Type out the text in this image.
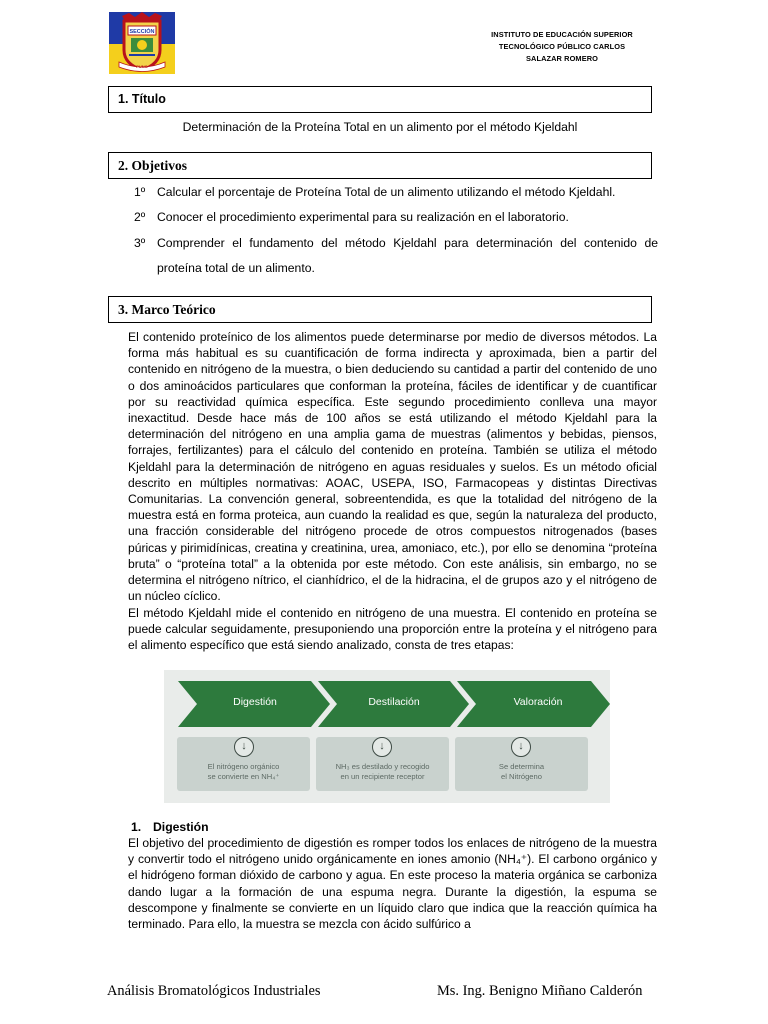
SECCIÓN
PUNO
INSTITUTO DE EDUCACIÓN SUPERIOR
TECNOLÓGICO PÚBLICO CARLOS
SALAZAR ROMERO
1. Título
Determinación de la Proteína Total en un alimento por el método Kjeldahl
2. Objetivos
1º Calcular el porcentaje de Proteína Total de un alimento utilizando el método Kjeldahl.
2º Conocer el procedimiento experimental para su realización en el laboratorio.
3º Comprender el fundamento del método Kjeldahl para determinación del contenido de
proteína total de un alimento.
3. Marco Teórico
El contenido proteínico de los alimentos puede determinarse por medio de diversos métodos. La forma más habitual es su cuantificación de forma indirecta y aproximada, bien a partir del contenido en nitrógeno de la muestra, o bien deduciendo su cantidad a partir del contenido de uno o dos aminoácidos particulares que conforman la proteína, fáciles de identificar y de cuantificar por su reactividad química específica. Este segundo procedimiento conlleva una mayor inexactitud. Desde hace más de 100 años se está utilizando el método Kjeldahl para la determinación del nitrógeno en una amplia gama de muestras (alimentos y bebidas, piensos, forrajes, fertilizantes) para el cálculo del contenido en proteína. También se utiliza el método Kjeldahl para la determinación de nitrógeno en aguas residuales y suelos. Es un método oficial descrito en múltiples normativas: AOAC, USEPA, ISO, Farmacopeas y distintas Directivas Comunitarias. La convención general, sobreentendida, es que la totalidad del nitrógeno de la muestra está en forma proteica, aun cuando la realidad es que, según la naturaleza del producto, una fracción considerable del nitrógeno procede de otros compuestos nitrogenados (bases púricas y pirimidínicas, creatina y creatinina, urea, amoniaco, etc.), por ello se denomina “proteína bruta” o “proteína total” a la obtenida por este método. Con este análisis, sin embargo, no se determina el nitrógeno nítrico, el cianhídrico, el de la hidracina, el de grupos azo y el nitrógeno de un núcleo cíclico.
El método Kjeldahl mide el contenido en nitrógeno de una muestra. El contenido en proteína se puede calcular seguidamente, presuponiendo una proporción entre la proteína y el nitrógeno para el alimento específico que está siendo analizado, consta de tres etapas:
Digestión	Destilación	Valoración
↓	↓	↓
El nitrógeno orgánico
se convierte en NH₄⁺
NH₃ es destilado y recogido
en un recipiente receptor
Se determina
el Nitrógeno
1. Digestión
El objetivo del procedimiento de digestión es romper todos los enlaces de nitrógeno de la muestra y convertir todo el nitrógeno unido orgánicamente en iones amonio (NH₄⁺). El carbono orgánico y el hidrógeno forman dióxido de carbono y agua. En este proceso la materia orgánica se carboniza dando lugar a la formación de una espuma negra. Durante la digestión, la espuma se descompone y finalmente se convierte en un líquido claro que indica que la reacción química ha terminado. Para ello, la muestra se mezcla con ácido sulfúrico a
Análisis Bromatológicos Industriales	Ms. Ing. Benigno Miñano Calderón
